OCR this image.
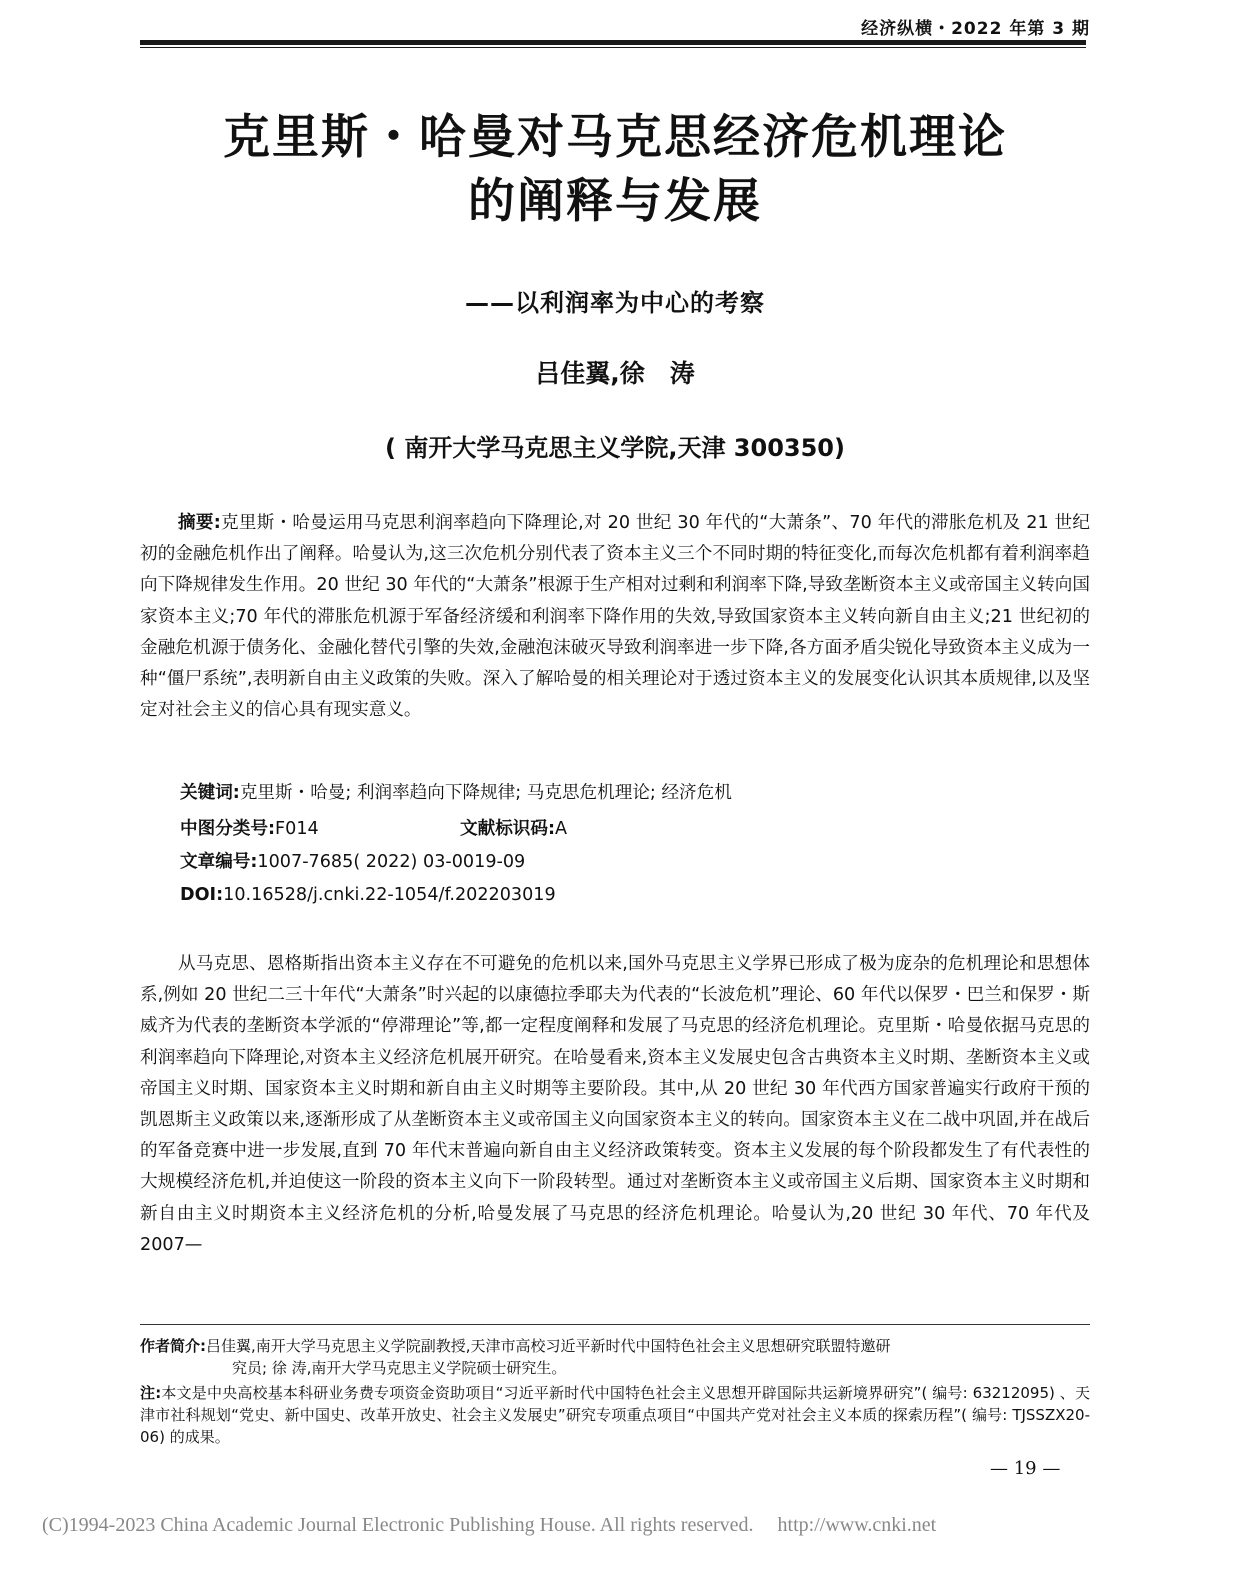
经济纵横・2022 年第 3 期
克里斯・哈曼对马克思经济危机理论
的阐释与发展
——以利润率为中心的考察
吕佳翼,徐　涛
( 南开大学马克思主义学院,天津 300350)

摘要:克里斯・哈曼运用马克思利润率趋向下降理论,对 20 世纪 30 年代的“大萧条”、70 年代的滞胀危机及 21 世纪初的金融危机作出了阐释。哈曼认为,这三次危机分别代表了资本主义三个不同时期的特征变化,而每次危机都有着利润率趋向下降规律发生作用。20 世纪 30 年代的“大萧条”根源于生产相对过剩和利润率下降,导致垄断资本主义或帝国主义转向国家资本主义;70 年代的滞胀危机源于军备经济缓和利润率下降作用的失效,导致国家资本主义转向新自由主义;21 世纪初的金融危机源于债务化、金融化替代引擎的失效,金融泡沫破灭导致利润率进一步下降,各方面矛盾尖锐化导致资本主义成为一种“僵尸系统”,表明新自由主义政策的失败。深入了解哈曼的相关理论对于透过资本主义的发展变化认识其本质规律,以及坚定对社会主义的信心具有现实意义。

关键词:克里斯・哈曼; 利润率趋向下降规律; 马克思危机理论; 经济危机
中图分类号:F014	文献标识码:A
文章编号:1007-7685( 2022) 03-0019-09
DOI:10.16528/j.cnki.22-1054/f.202203019

从马克思、恩格斯指出资本主义存在不可避免的危机以来,国外马克思主义学界已形成了极为庞杂的危机理论和思想体系,例如 20 世纪二三十年代“大萧条”时兴起的以康德拉季耶夫为代表的“长波危机”理论、60 年代以保罗・巴兰和保罗・斯威齐为代表的垄断资本学派的“停滞理论”等,都一定程度阐释和发展了马克思的经济危机理论。克里斯・哈曼依据马克思的利润率趋向下降理论,对资本主义经济危机展开研究。在哈曼看来,资本主义发展史包含古典资本主义时期、垄断资本主义或帝国主义时期、国家资本主义时期和新自由主义时期等主要阶段。其中,从 20 世纪 30 年代西方国家普遍实行政府干预的凯恩斯主义政策以来,逐渐形成了从垄断资本主义或帝国主义向国家资本主义的转向。国家资本主义在二战中巩固,并在战后的军备竞赛中进一步发展,直到 70 年代末普遍向新自由主义经济政策转变。资本主义发展的每个阶段都发生了有代表性的大规模经济危机,并迫使这一阶段的资本主义向下一阶段转型。通过对垄断资本主义或帝国主义后期、国家资本主义时期和新自由主义时期资本主义经济危机的分析,哈曼发展了马克思的经济危机理论。哈曼认为,20 世纪 30 年代、70 年代及 2007—

作者简介:吕佳翼,南开大学马克思主义学院副教授,天津市高校习近平新时代中国特色社会主义思想研究联盟特邀研
究员; 徐 涛,南开大学马克思主义学院硕士研究生。
注:本文是中央高校基本科研业务费专项资金资助项目“习近平新时代中国特色社会主义思想开辟国际共运新境界研究”( 编号: 63212095) 、天津市社科规划“党史、新中国史、改革开放史、社会主义发展史”研究专项重点项目“中国共产党对社会主义本质的探索历程”( 编号: TJSSZX20-06) 的成果。
— 19 —
(C)1994-2023 China Academic Journal Electronic Publishing House. All rights reserved. http://www.cnki.net
